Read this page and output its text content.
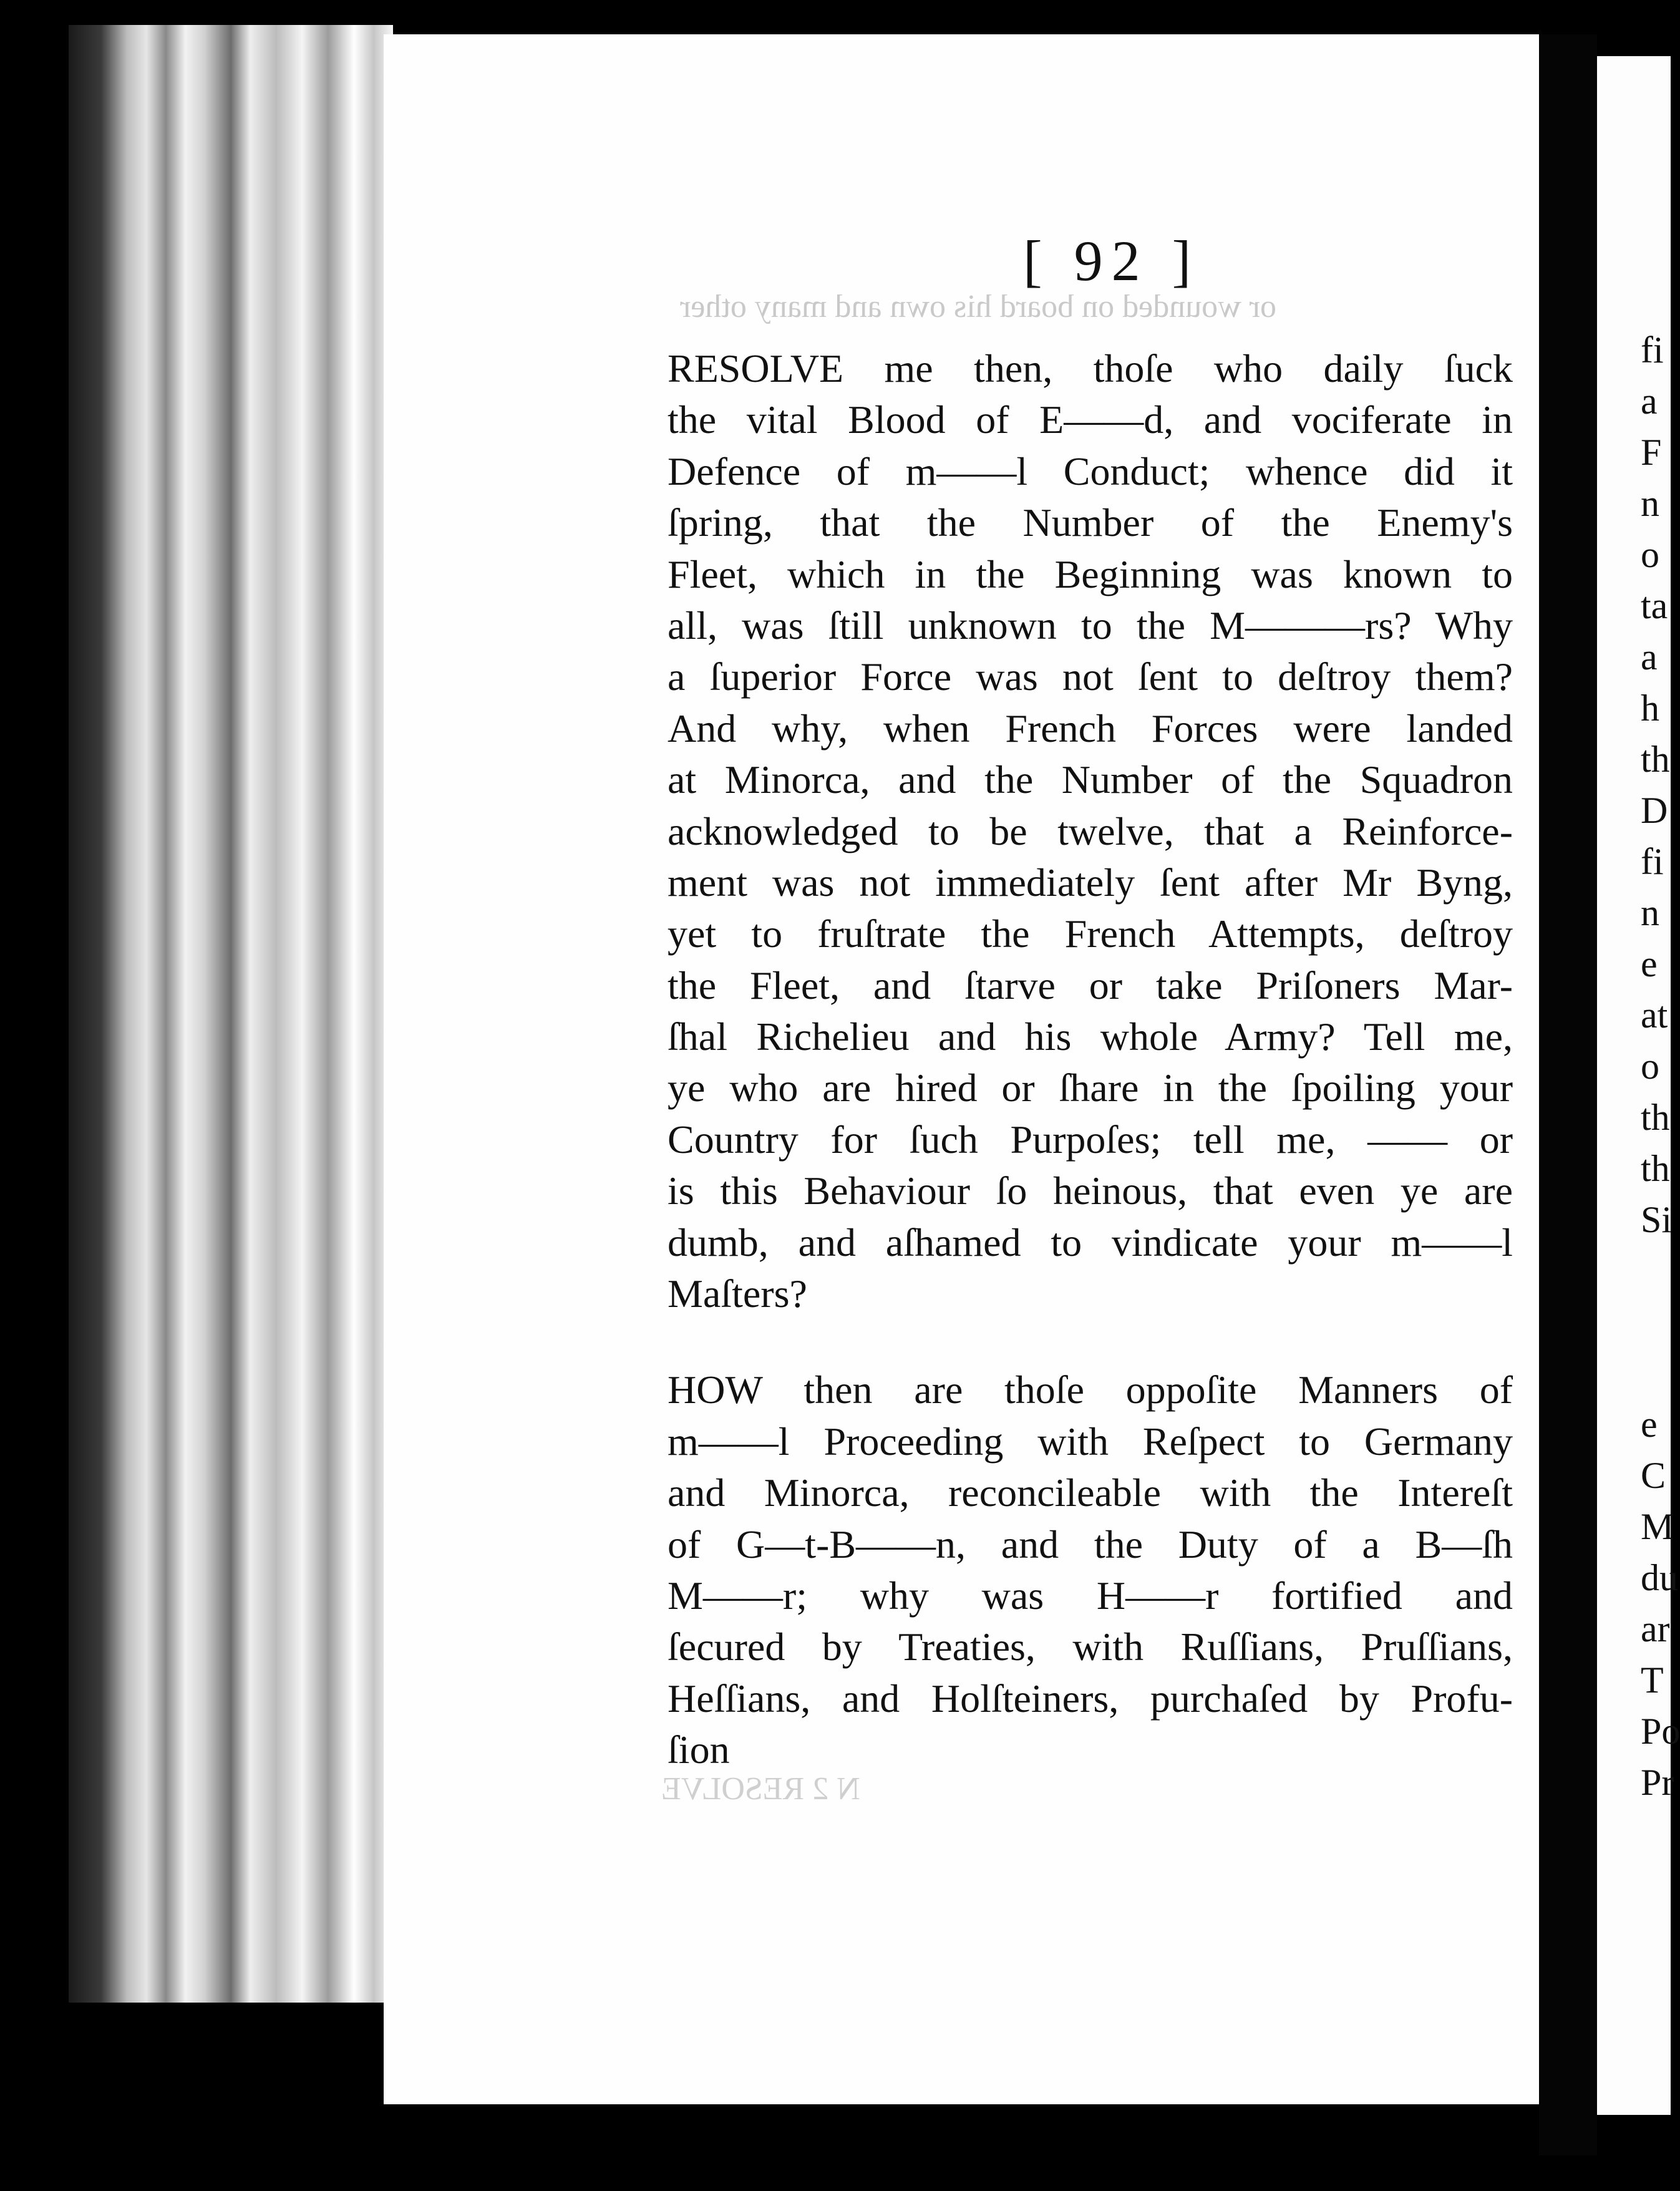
or wounded on board his own and many other
N 2 RESOLVE
[ 92 ]
RESOLVE me then, thoſe who daily ſuck
the vital Blood of E——d, and vociferate in
Defence of m——l Conduct; whence did it
ſpring, that the Number of the Enemy's
Fleet, which in the Beginning was known to
all, was ſtill unknown to the M———rs? Why
a ſuperior Force was not ſent to deſtroy them?
And why, when French Forces were landed
at Minorca, and the Number of the Squadron
acknowledged to be twelve, that a Reinforce-
ment was not immediately ſent after Mr Byng,
yet to fruſtrate the French Attempts, deſtroy
the Fleet, and ſtarve or take Priſoners Mar-
ſhal Richelieu and his whole Army? Tell me,
ye who are hired or ſhare in the ſpoiling your
Country for ſuch Purpoſes; tell me, —— or
is this Behaviour ſo heinous, that even ye are
dumb, and aſhamed to vindicate your m——l
Maſters?
HOW then are thoſe oppoſite Manners of
m——l Proceeding with Reſpect to Germany
and Minorca, reconcileable with the Intereſt
of G—t-B——n, and the Duty of a B—ſh
M——r; why was H——r fortified and
ſecured by Treaties, with Ruſſians, Pruſſians,
Heſſians, and Holſteiners, purchaſed by Profu-
ſion
fi
a
F
n
o
ta
a
h
th
D
fi
n
e
at
o
th
th
Si
e
C
M
du
ar
T
Po
Pr
